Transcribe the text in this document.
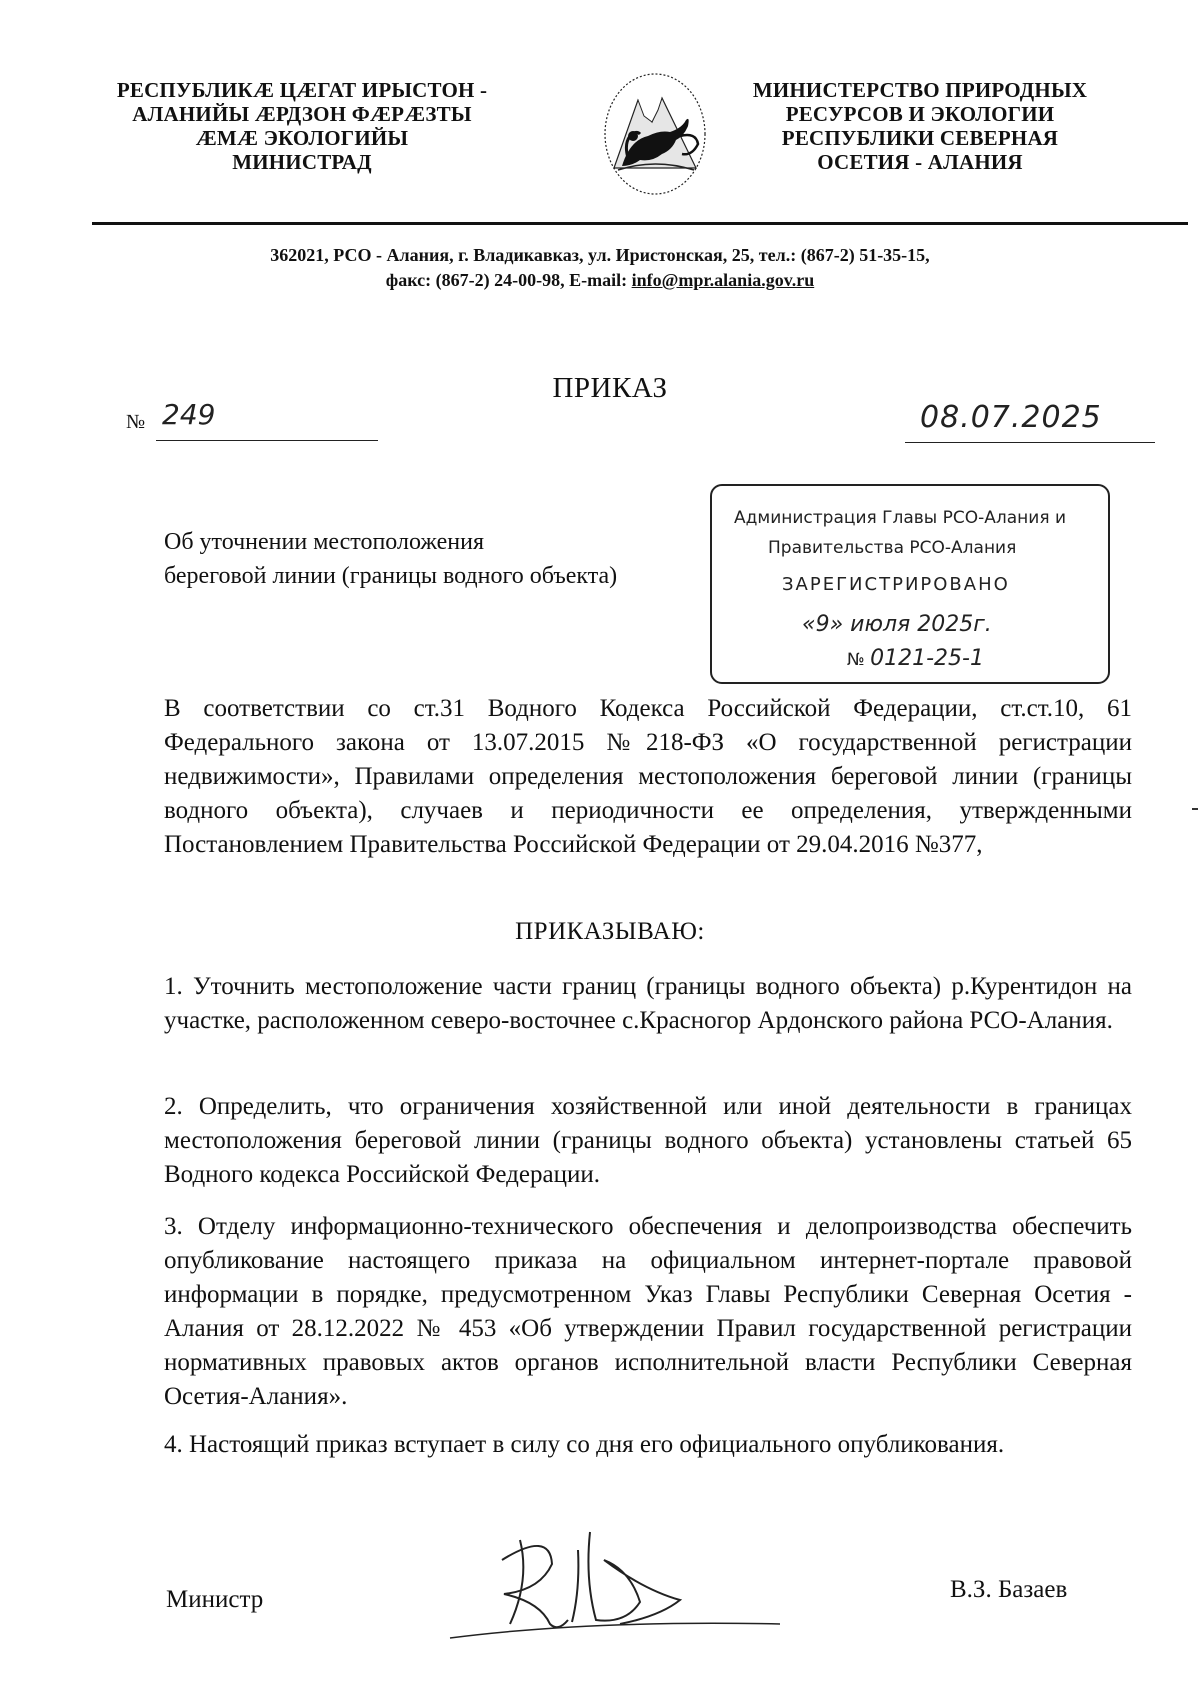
РЕСПУБЛИКÆ ЦÆГАТ ИРЫСТОН -
АЛАНИЙЫ ÆРДЗОН ФÆРÆЗТЫ
ÆМÆ ЭКОЛОГИЙЫ
МИНИСТРАД
МИНИСТЕРСТВО ПРИРОДНЫХ
РЕСУРСОВ И ЭКОЛОГИИ
РЕСПУБЛИКИ СЕВЕРНАЯ
ОСЕТИЯ - АЛАНИЯ
362021, РСО - Алания, г. Владикавказ, ул. Иристонская, 25, тел.: (867-2) 51-35-15,
факс: (867-2) 24-00-98, E-mail: info@mpr.alania.gov.ru
ПРИКАЗ
№ 249	08.07.2025
Об уточнении местоположения
береговой линии (границы водного объекта)
Администрация Главы РСО-Алания и
Правительства РСО-Алания
ЗАРЕГИСТРИРОВАНО
«9» июля 2025г.
№ 0121-25-1
В соответствии со ст.31 Водного Кодекса Российской Федерации, ст.ст.10, 61 Федерального закона от 13.07.2015 №218-ФЗ «О государственной регистрации недвижимости», Правилами определения местоположения береговой линии (границы водного объекта), случаев и периодичности ее определения, утвержденными Постановлением Правительства Российской Федерации от 29.04.2016 №377,
ПРИКАЗЫВАЮ:
1. Уточнить местоположение части границ (границы водного объекта) р.Курентидон на участке, расположенном северо-восточнее с.Красногор Ардонского района РСО-Алания.
2. Определить, что ограничения хозяйственной или иной деятельности в границах местоположения береговой линии (границы водного объекта) установлены статьей 65 Водного кодекса Российской Федерации.
3. Отделу информационно-технического обеспечения и делопроизводства обеспечить опубликование настоящего приказа на официальном интернет-портале правовой информации в порядке, предусмотренном Указ Главы Республики Северная Осетия - Алания от 28.12.2022 № 453 «Об утверждении Правил государственной регистрации нормативных правовых актов органов исполнительной власти Республики Северная Осетия-Алания».
4. Настоящий приказ вступает в силу со дня его официального опубликования.
Министр	В.З. Базаев
